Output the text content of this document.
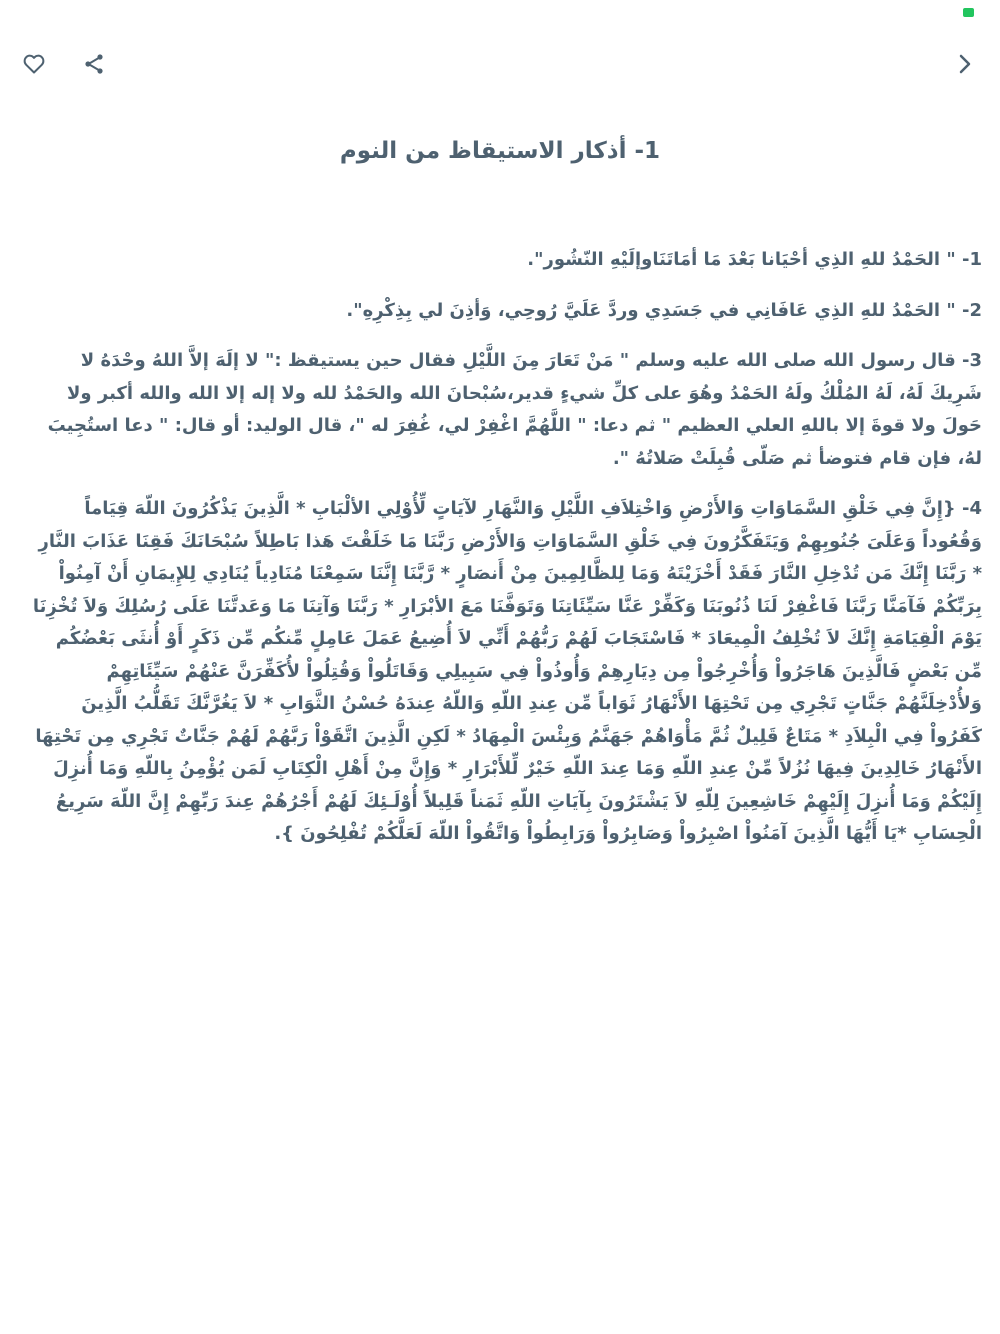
1- أذكار الاستيقاظ من النوم

1- " الحَمْدُ للهِ الذِي أحْيَانا بَعْدَ مَا أمَاتَنَاوإلَيْهِ النّشُور".

2- " الحَمْدُ للهِ الذِي عَافَانِي في جَسَدِي وردَّ عَلَيَّ رُوحِي، وَأذِنَ لي بِذِكْرِهِ".

3- قال رسول الله صلى الله عليه وسلم " مَنْ تَعَارَ مِنَ اللَّيْلِ فقال حين يستيقظ :" لا إلَهَ إلاَّ اللهُ وحْدَهُ لا شَرِيكَ لَهُ، لَهُ المُلْكُ ولَهُ الحَمْدُ وهُوَ على كلِّ شيءٍ قدير،سُبْحانَ الله والحَمْدُ لله ولا إله إلا الله والله أكبر ولا حَولَ ولا قوةَ إلا باللهِ العلي العظيم " ثم دعا: " اللَّهُمَّ اغْفِرْ لي، غُفِرَ له "، قال الوليد: أو قال: " دعا استُجِيبَ لهُ، فإن قام فتوضأ ثم صَلّى قُبِلَتْ صَلاتُهُ ".

4- {إِنَّ فِي خَلْقِ السَّمَاوَاتِ وَالأَرْضِ وَاخْتِلاَفِ اللَّيْلِ وَالنَّهَارِ لآيَاتٍ لِّأُوْلِي الألْبَابِ * الَّذِينَ يَذْكُرُونَ اللّهَ قِيَاماً وَقُعُوداً وَعَلَىَ جُنُوبِهِمْ وَيَتَفَكَّرُونَ فِي خَلْقِ السَّمَاوَاتِ وَالأَرْضِ رَبَّنَا مَا خَلَقْتَ هَذا بَاطِلاً سُبْحَانَكَ فَقِنَا عَذَابَ النَّارِ * رَبَّنَا إِنَّكَ مَن تُدْخِلِ النَّارَ فَقَدْ أَخْزَيْتَهُ وَمَا لِلظَّالِمِينَ مِنْ أَنصَارٍ * رَّبَّنَا إِنَّنَا سَمِعْنَا مُنَادِياً يُنَادِي لِلإِيمَانِ أَنْ آمِنُواْ بِرَبِّكُمْ فَآمَنَّا رَبَّنَا فَاغْفِرْ لَنَا ذُنُوبَنَا وَكَفِّرْ عَنَّا سَيِّئَاتِنَا وَتَوَفَّنَا مَعَ الأبْرَارِ * رَبَّنَا وَآتِنَا مَا وَعَدتَّنَا عَلَى رُسُلِكَ وَلاَ تُخْزِنَا يَوْمَ الْقِيَامَةِ إِنَّكَ لاَ تُخْلِفُ الْمِيعَادَ * فَاسْتَجَابَ لَهُمْ رَبُّهُمْ أَنِّي لاَ أُضِيعُ عَمَلَ عَامِلٍ مِّنكُم مِّن ذَكَرٍ أَوْ أُنثَى بَعْضُكُم مِّن بَعْضٍ فَالَّذِينَ هَاجَرُواْ وَأُخْرِجُواْ مِن دِيَارِهِمْ وَأُوذُواْ فِي سَبِيلِي وَقَاتَلُواْ وَقُتِلُواْ لأُكَفِّرَنَّ عَنْهُمْ سَيِّئَاتِهِمْ وَلأُدْخِلَنَّهُمْ جَنَّاتٍ تَجْرِي مِن تَحْتِهَا الأَنْهَارُ ثَوَاباً مِّن عِندِ اللّهِ وَاللّهُ عِندَهُ حُسْنُ الثَّوَابِ * لاَ يَغُرَّنَّكَ تَقَلُّبُ الَّذِينَ كَفَرُواْ فِي الْبِلاَدِ * مَتَاعٌ قَلِيلٌ ثُمَّ مَأْوَاهُمْ جَهَنَّمُ وَبِئْسَ الْمِهَادُ * لَكِنِ الَّذِينَ اتَّقَوْاْ رَبَّهُمْ لَهُمْ جَنَّاتٌ تَجْرِي مِن تَحْتِهَا الأَنْهَارُ خَالِدِينَ فِيهَا نُزُلاً مِّنْ عِندِ اللّهِ وَمَا عِندَ اللّهِ خَيْرٌ لِّلأَبْرَارِ * وَإِنَّ مِنْ أَهْلِ الْكِتَابِ لَمَن يُؤْمِنُ بِاللّهِ وَمَا أُنزِلَ إِلَيْكُمْ وَمَا أُنزِلَ إِلَيْهِمْ خَاشِعِينَ لِلّهِ لاَ يَشْتَرُونَ بِآيَاتِ اللّهِ ثَمَناً قَلِيلاً أُوْلَـئِكَ لَهُمْ أَجْرُهُمْ عِندَ رَبِّهِمْ إِنَّ اللّهَ سَرِيعُ الْحِسَابِ *يَا أَيُّهَا الَّذِينَ آمَنُواْ اصْبِرُواْ وَصَابِرُواْ وَرَابِطُواْ وَاتَّقُواْ اللّهَ لَعَلَّكُمْ تُفْلِحُونَ }.
